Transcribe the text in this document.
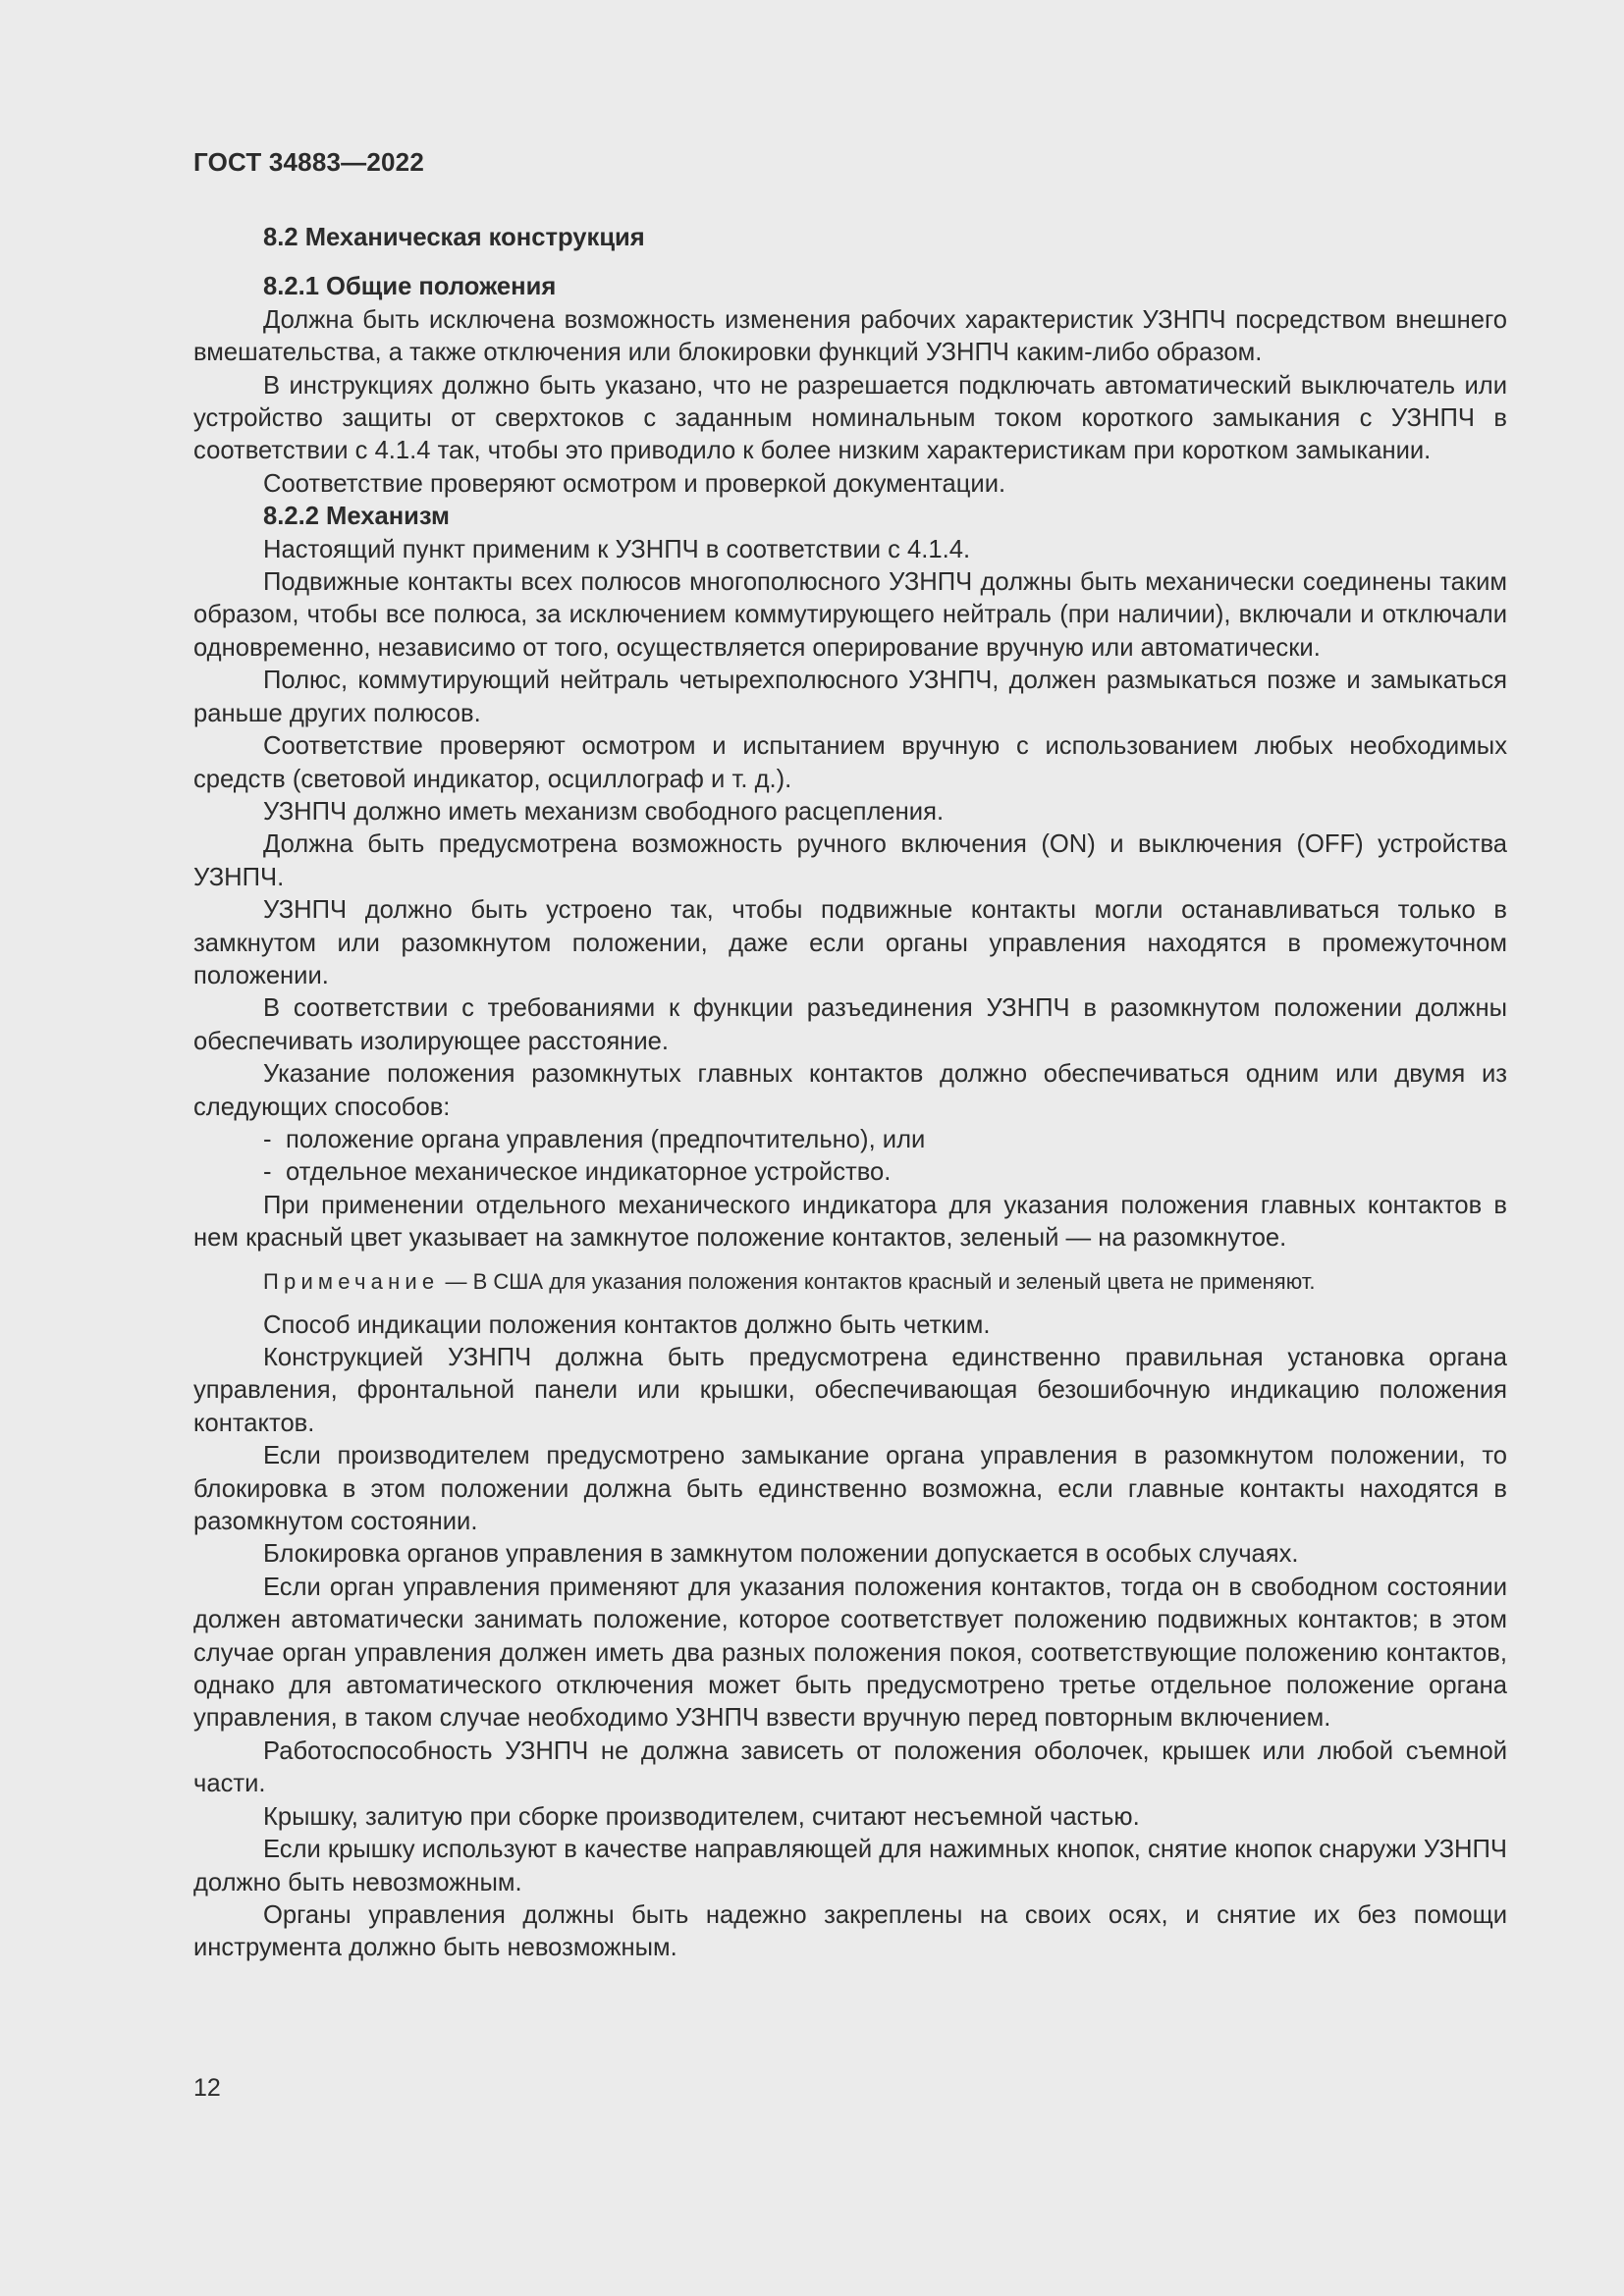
ГОСТ 34883—2022
8.2 Механическая конструкция
8.2.1 Общие положения

Должна быть исключена возможность изменения рабочих характеристик УЗНПЧ посредством внешнего вмешательства, а также отключения или блокировки функций УЗНПЧ каким-либо образом.

В инструкциях должно быть указано, что не разрешается подключать автоматический выключатель или устройство защиты от сверхтоков с заданным номинальным током короткого замыкания с УЗНПЧ в соответствии с 4.1.4 так, чтобы это приводило к более низким характеристикам при коротком замыкании.

Соответствие проверяют осмотром и проверкой документации.

8.2.2 Механизм

Настоящий пункт применим к УЗНПЧ в соответствии с 4.1.4.

Подвижные контакты всех полюсов многополюсного УЗНПЧ должны быть механически соединены таким образом, чтобы все полюса, за исключением коммутирующего нейтраль (при наличии), включали и отключали одновременно, независимо от того, осуществляется оперирование вручную или автоматически.

Полюс, коммутирующий нейтраль четырехполюсного УЗНПЧ, должен размыкаться позже и замыкаться раньше других полюсов.

Соответствие проверяют осмотром и испытанием вручную с использованием любых необходимых средств (световой индикатор, осциллограф и т. д.).

УЗНПЧ должно иметь механизм свободного расцепления.

Должна быть предусмотрена возможность ручного включения (ON) и выключения (OFF) устройства УЗНПЧ.

УЗНПЧ должно быть устроено так, чтобы подвижные контакты могли останавливаться только в замкнутом или разомкнутом положении, даже если органы управления находятся в промежуточном положении.

В соответствии с требованиями к функции разъединения УЗНПЧ в разомкнутом положении должны обеспечивать изолирующее расстояние.

Указание положения разомкнутых главных контактов должно обеспечиваться одним или двумя из следующих способов:

- положение органа управления (предпочтительно), или
- отдельное механическое индикаторное устройство.

При применении отдельного механического индикатора для указания положения главных контактов в нем красный цвет указывает на замкнутое положение контактов, зеленый — на разомкнутое.

Примечание — В США для указания положения контактов красный и зеленый цвета не применяют.

Способ индикации положения контактов должно быть четким.

Конструкцией УЗНПЧ должна быть предусмотрена единственно правильная установка органа управления, фронтальной панели или крышки, обеспечивающая безошибочную индикацию положения контактов.

Если производителем предусмотрено замыкание органа управления в разомкнутом положении, то блокировка в этом положении должна быть единственно возможна, если главные контакты находятся в разомкнутом состоянии.

Блокировка органов управления в замкнутом положении допускается в особых случаях.

Если орган управления применяют для указания положения контактов, тогда он в свободном состоянии должен автоматически занимать положение, которое соответствует положению подвижных контактов; в этом случае орган управления должен иметь два разных положения покоя, соответствующие положению контактов, однако для автоматического отключения может быть предусмотрено третье отдельное положение органа управления, в таком случае необходимо УЗНПЧ взвести вручную перед повторным включением.

Работоспособность УЗНПЧ не должна зависеть от положения оболочек, крышек или любой съемной части.

Крышку, залитую при сборке производителем, считают несъемной частью.

Если крышку используют в качестве направляющей для нажимных кнопок, снятие кнопок снаружи УЗНПЧ должно быть невозможным.

Органы управления должны быть надежно закреплены на своих осях, и снятие их без помощи инструмента должно быть невозможным.

12
